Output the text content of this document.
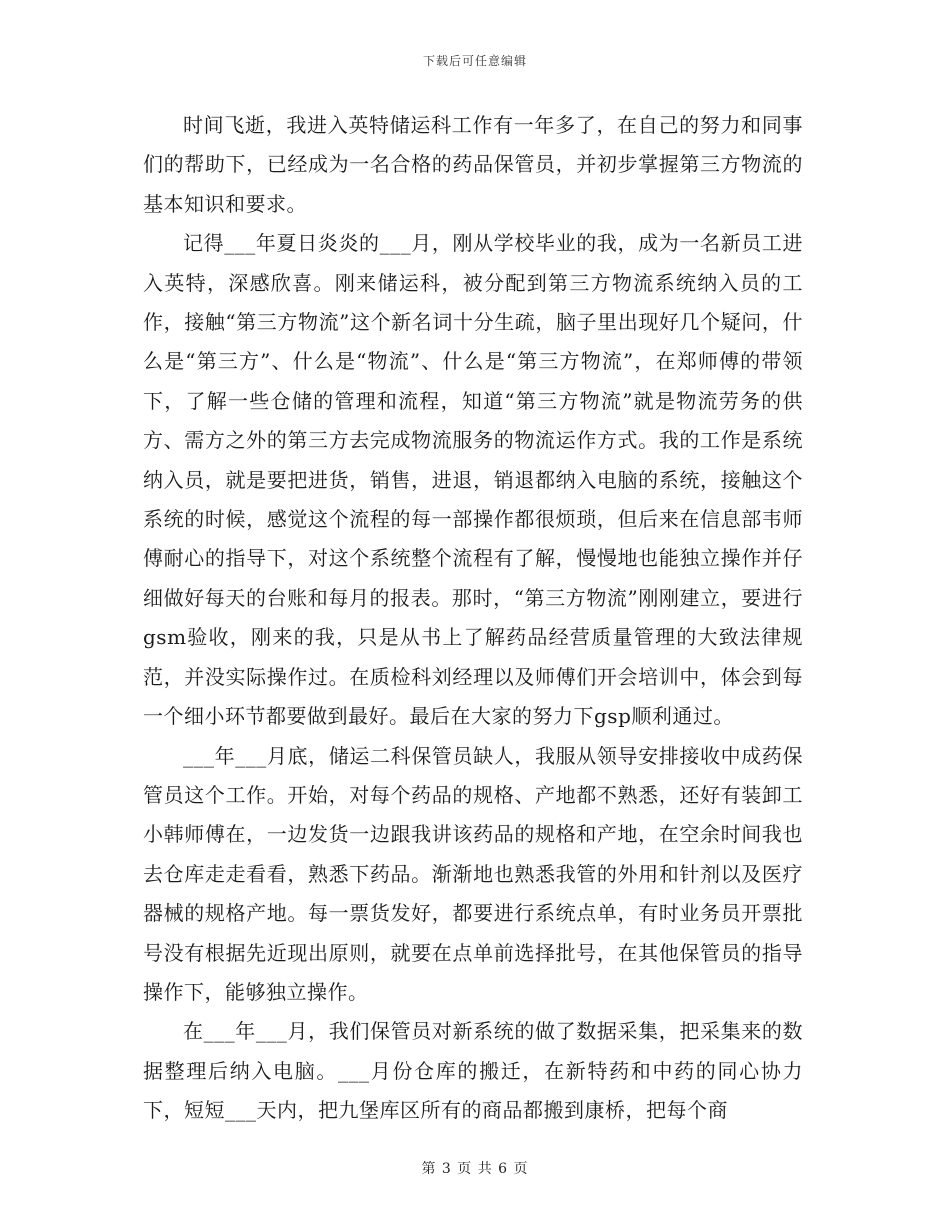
下载后可任意编辑

时间飞逝，我进入英特储运科工作有一年多了，在自己的努力和同事们的帮助下，已经成为一名合格的药品保管员，并初步掌握第三方物流的基本知识和要求。

记得___年夏日炎炎的___月，刚从学校毕业的我，成为一名新员工进入英特，深感欣喜。刚来储运科，被分配到第三方物流系统纳入员的工作，接触“第三方物流”这个新名词十分生疏，脑子里出现好几个疑问，什么是“第三方”、什么是“物流”、什么是“第三方物流”，在郑师傅的带领下，了解一些仓储的管理和流程，知道“第三方物流”就是物流劳务的供方、需方之外的第三方去完成物流服务的物流运作方式。我的工作是系统纳入员，就是要把进货，销售，进退，销退都纳入电脑的系统，接触这个系统的时候，感觉这个流程的每一部操作都很烦琐，但后来在信息部韦师傅耐心的指导下，对这个系统整个流程有了解，慢慢地也能独立操作并仔细做好每天的台账和每月的报表。那时，“第三方物流”刚刚建立，要进行gsm验收，刚来的我，只是从书上了解药品经营质量管理的大致法律规范，并没实际操作过。在质检科刘经理以及师傅们开会培训中，体会到每一个细小环节都要做到最好。最后在大家的努力下gsp顺利通过。

___年___月底，储运二科保管员缺人，我服从领导安排接收中成药保管员这个工作。开始，对每个药品的规格、产地都不熟悉，还好有装卸工小韩师傅在，一边发货一边跟我讲该药品的规格和产地，在空余时间我也去仓库走走看看，熟悉下药品。渐渐地也熟悉我管的外用和针剂以及医疗器械的规格产地。每一票货发好，都要进行系统点单，有时业务员开票批号没有根据先近现出原则，就要在点单前选择批号，在其他保管员的指导操作下，能够独立操作。

在___年___月，我们保管员对新系统的做了数据采集，把采集来的数据整理后纳入电脑。___月份仓库的搬迁，在新特药和中药的同心协力下，短短___天内，把九堡库区所有的商品都搬到康桥，把每个商

第 3 页 共 6 页
